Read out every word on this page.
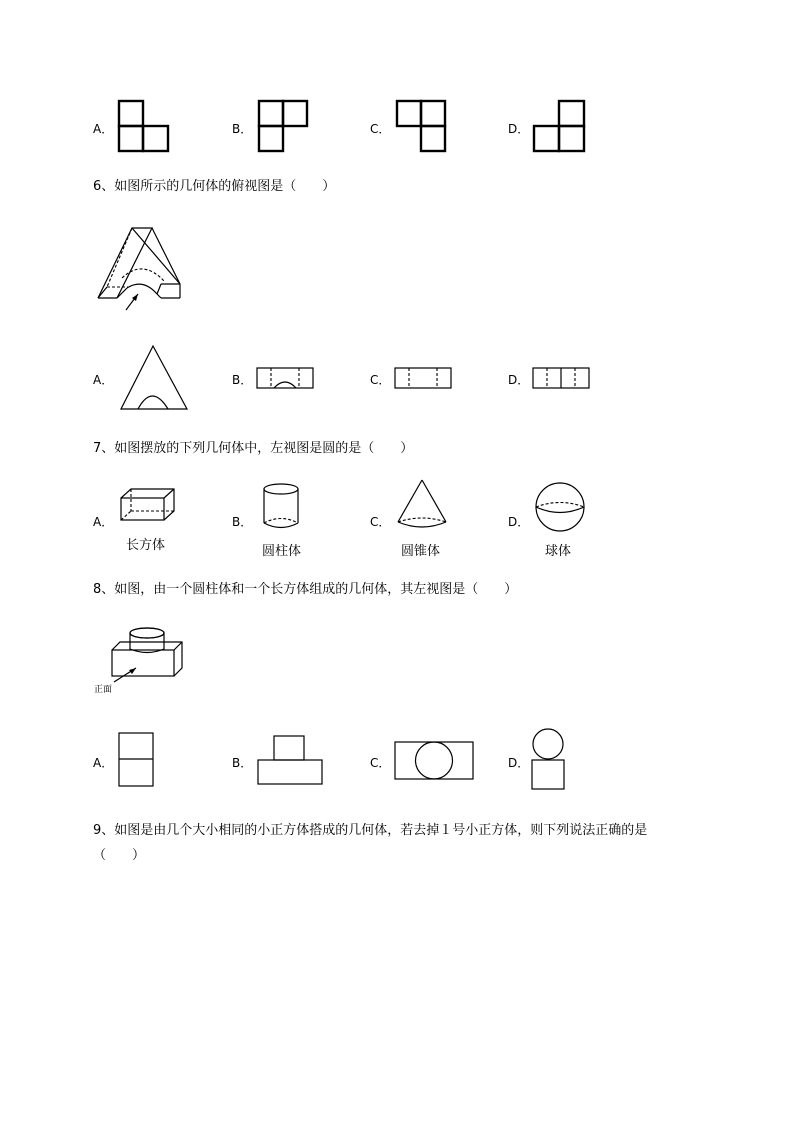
A．	B．	C．	D．
6、如图所示的几何体的俯视图是（　　）
A．	B．	C．	D．
7、如图摆放的下列几何体中，左视图是圆的是（　　）
A．
长方体
B．
圆柱体
C．
圆锥体
D．
球体
8、如图，由一个圆柱体和一个长方体组成的几何体，其左视图是（　　）
正面
A．	B．	C．	D．
9、如图是由几个大小相同的小正方体搭成的几何体，若去掉１号小正方体，则下列说法正确的是
（　　）
